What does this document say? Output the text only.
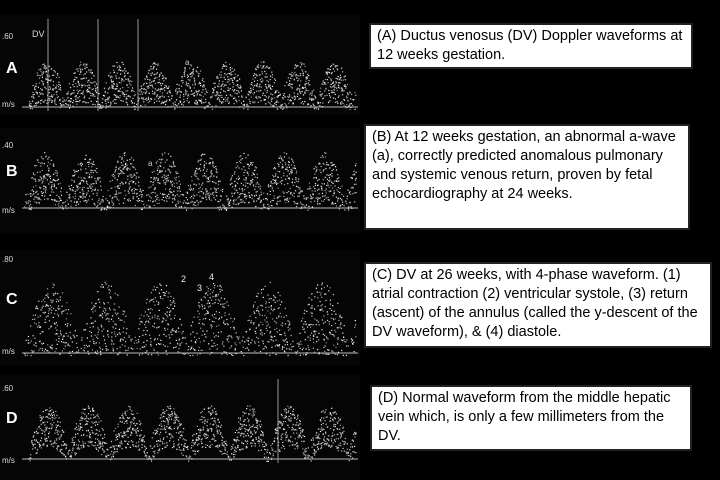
.60
A
m/s
DV
a
.40
B
m/s
a
.80
C
m/s
2
3
4
.60
D
m/s
(A) Ductus venosus (DV) Doppler waveforms at 12 weeks gestation.
(B) At 12 weeks gestation, an abnormal a-wave (a), correctly predicted anomalous pulmonary and systemic venous return, proven by fetal echocardiography at 24 weeks.
(C) DV at 26 weeks, with 4-phase waveform. (1) atrial contraction (2) ventricular systole, (3) return (ascent) of the annulus (called the y-descent of the DV waveform), & (4) diastole.
(D) Normal waveform from the middle hepatic vein which, is only a few millimeters from the DV.
